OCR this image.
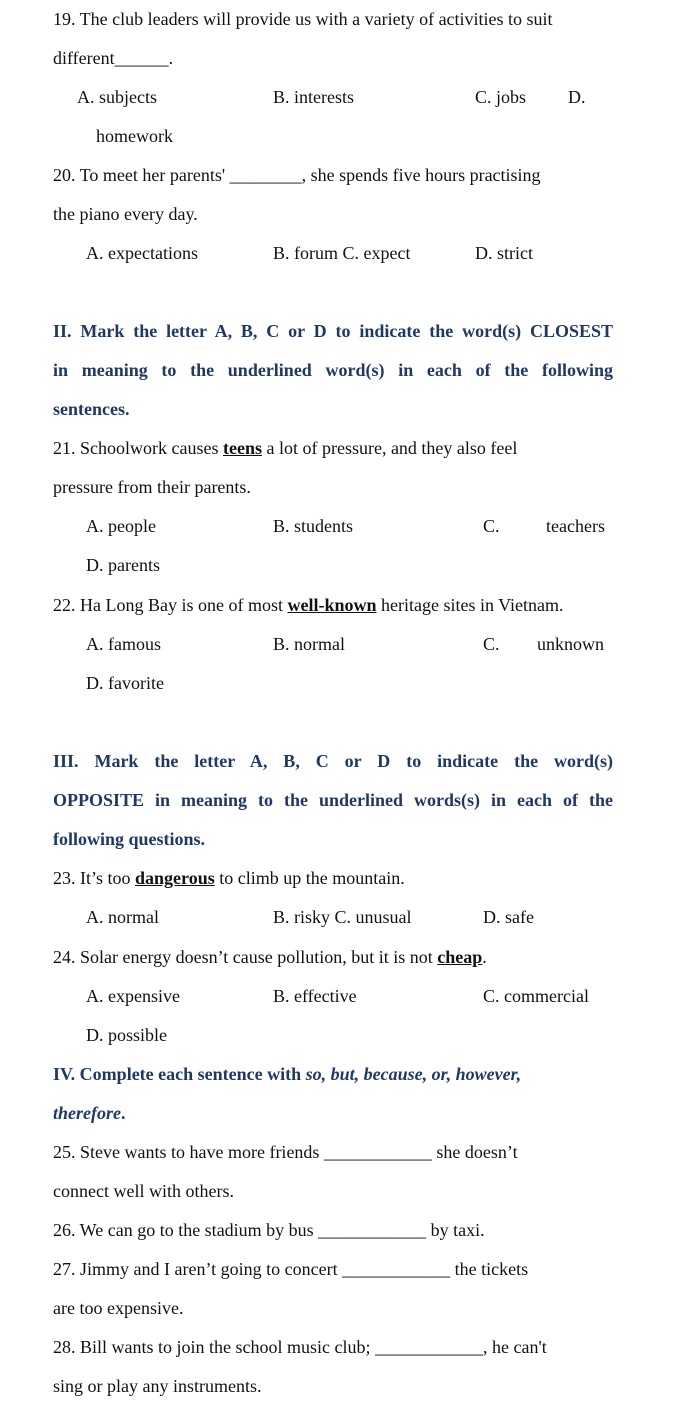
19. The club leaders will provide us with a variety of activities to suit
different______.
A. subjects	B. interests	C. jobs D.
homework
20. To meet her parents' ________, she spends five hours practising
the piano every day.
A. expectations	B. forum C. expect	D. strict
II. Mark the letter A, B, C or D to indicate the word(s) CLOSEST
in meaning to the underlined word(s) in each of the following
sentences.
21. Schoolwork causes teens a lot of pressure, and they also feel
pressure from their parents.
A. people	B. students	C.	teachers
D. parents
22. Ha Long Bay is one of most well-known heritage sites in Vietnam.
A. famous	B. normal	C. unknown
D. favorite
III. Mark the letter A, B, C or D to indicate the word(s)
OPPOSITE in meaning to the underlined words(s) in each of the
following questions.
23. It’s too dangerous to climb up the mountain.
A. normal	B. risky C. unusual	D. safe
24. Solar energy doesn’t cause pollution, but it is not cheap.
A. expensive	B. effective	C. commercial
D. possible
IV. Complete each sentence with so, but, because, or, however,
therefore.
25. Steve wants to have more friends ____________ she doesn’t
connect well with others.
26. We can go to the stadium by bus ____________ by taxi.
27. Jimmy and I aren’t going to concert ____________ the tickets
are too expensive.
28. Bill wants to join the school music club; ____________, he can't
sing or play any instruments.
